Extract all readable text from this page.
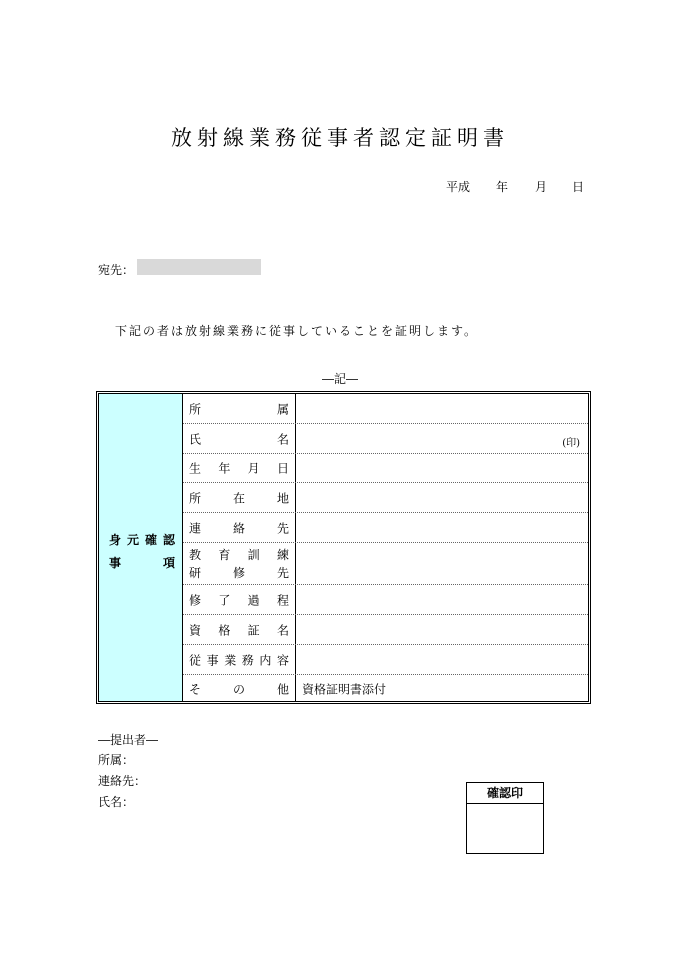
放射線業務従事者認定証明書
平成 年 月 日
宛先：
下記の者は放射線業務に従事していることを証明します。
―記―
身元確認
事	項
所	属
氏	名	(印)
生 年 月 日
所	在	地
連	絡	先
教 育 訓 練
研	修	先
修 了 過 程
資 格 証 名
従 事 業 務 内 容
そ	の	他 資格証明書添付
―提出者―
所属：
連絡先：
氏名：
確認印
